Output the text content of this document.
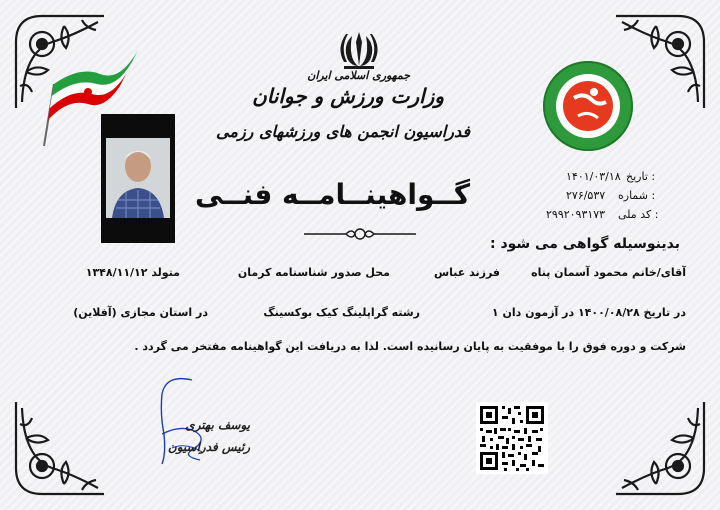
جمهوری اسلامی ایران
وزارت ورزش و جوانان
فدراسیون انجمن های ورزشهای رزمی
گــواهینــامــه فنــی
تاریخ :
۱۴۰۱/۰۳/۱۸
شماره :
۲۷۶/۵۳۷
کد ملی :
۲۹۹۲۰۹۳۱۷۳
بدینوسیله گواهی می شود :
آقای/خانم محمود آسمان پناه
فرزند عباس
محل صدور شناسنامه کرمان
متولد ۱۳۴۸/۱۱/۱۲
در تاریخ ۱۴۰۰/۰۸/۲۸ در آزمون دان ۱
رشته گراپلینگ کیک بوکسینگ
در استان مجازی (آفلاین)
شرکت و دوره فوق را با موفقیت به پایان رسانیده است. لذا به دریافت این گواهینامه مفتخر می گردد .
یوسف بهتری
رئیس فدراسیون
